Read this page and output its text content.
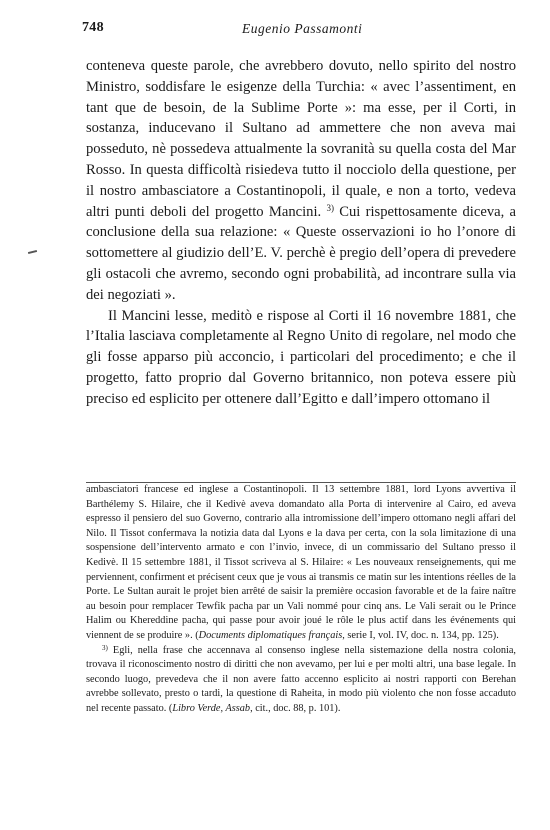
748	Eugenio Passamonti

conteneva queste parole, che avrebbero dovuto, nello spirito del nostro Ministro, soddisfare le esigenze della Turchia: « avec l’assentiment, en tant que de besoin, de la Sublime Porte »: ma esse, per il Corti, in sostanza, inducevano il Sultano ad ammettere che non aveva mai posseduto, nè possedeva attualmente la sovranità su quella costa del Mar Rosso. In questa difficoltà risiedeva tutto il nocciolo della questione, per il nostro ambasciatore a Costantinopoli, il quale, e non a torto, vedeva altri punti deboli del progetto Mancini. $^{3)}$ Cui rispettosamente diceva, a conclusione della sua relazione: « Queste osservazioni io ho l’onore di sottomettere al giudizio dell’E. V. perchè è pregio dell’opera di prevedere gli ostacoli che avremo, secondo ogni probabilità, ad incontrare sulla via dei negoziati ».

Il Mancini lesse, meditò e rispose al Corti il 16 novembre 1881, che l’Italia lasciava completamente al Regno Unito di regolare, nel modo che gli fosse apparso più acconcio, i particolari del procedimento; e che il progetto, fatto proprio dal Governo britannico, non poteva essere più preciso ed esplicito per ottenere dall’Egitto e dall’impero ottomano il

ambasciatori francese ed inglese a Costantinopoli. Il 13 settembre 1881, lord Lyons avvertiva il Barthélemy S. Hilaire, che il Kedivè aveva domandato alla Porta di intervenire al Cairo, ed aveva espresso il pensiero del suo Governo, contrario alla intromissione dell’impero ottomano negli affari del Nilo. Il Tissot confermava la notizia data dal Lyons e la dava per certa, con la sola limitazione di una sospensione dell’intervento armato e con l’invio, invece, di un commissario del Sultano presso il Kedivè. Il 15 settembre 1881, il Tissot scriveva al S. Hilaire: « Les nouveaux renseignements, qui me perviennent, confirment et précisent ceux que je vous ai transmis ce matin sur les intentions réelles de la Porte. Le Sultan aurait le projet bien arrêté de saisir la première occasion favorable et de la faire naître au besoin pour remplacer Tewfik pacha par un Vali nommé pour cinq ans. Le Vali serait ou le Prince Halim ou Khereddine pacha, qui passe pour avoir joué le rôle le plus actif dans les événements qui viennent de se produire ». (Documents diplomatiques français, serie I, vol. IV, doc. n. 134, pp. 125).

$^{3)}$ Egli, nella frase che accennava al consenso inglese nella sistemazione della nostra colonia, trovava il riconoscimento nostro di diritti che non avevamo, per lui e per molti altri, una base legale. In secondo luogo, prevedeva che il non avere fatto accenno esplicito ai nostri rapporti con Berehan avrebbe sollevato, presto o tardi, la questione di Raheita, in modo più violento che non fosse accaduto nel recente passato. (Libro Verde, Assab, cit., doc. 88, p. 101).
